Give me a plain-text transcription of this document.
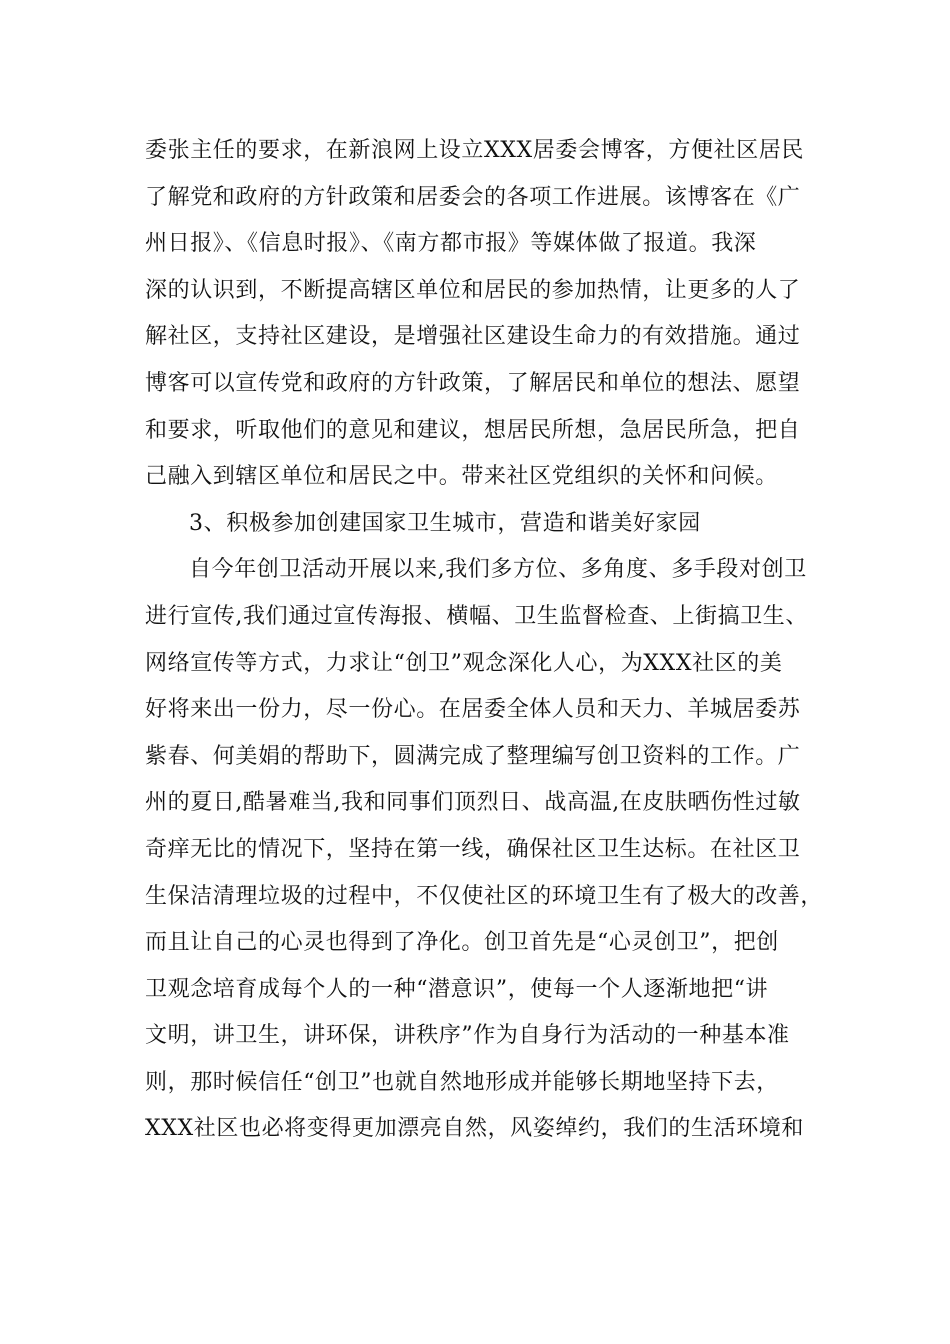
委张主任的要求，在新浪网上设立XXX居委会博客，方便社区居民
了解党和政府的方针政策和居委会的各项工作进展。该博客在《广
州日报》、《信息时报》、《南方都市报》等媒体做了报道。我深
深的认识到，不断提高辖区单位和居民的参加热情，让更多的人了
解社区，支持社区建设，是增强社区建设生命力的有效措施。通过
博客可以宣传党和政府的方针政策，了解居民和单位的想法、愿望
和要求，听取他们的意见和建议，想居民所想，急居民所急，把自
己融入到辖区单位和居民之中。带来社区党组织的关怀和问候。
3、积极参加创建国家卫生城市，营造和谐美好家园
自今年创卫活动开展以来,我们多方位、多角度、多手段对创卫
进行宣传,我们通过宣传海报、横幅、卫生监督检查、上街搞卫生、
网络宣传等方式，力求让“创卫”观念深化人心，为XXX社区的美
好将来出一份力，尽一份心。在居委全体人员和天力、羊城居委苏
紫春、何美娟的帮助下，圆满完成了整理编写创卫资料的工作。广
州的夏日,酷暑难当,我和同事们顶烈日、战高温,在皮肤晒伤性过敏
奇痒无比的情况下，坚持在第一线，确保社区卫生达标。在社区卫
生保洁清理垃圾的过程中，不仅使社区的环境卫生有了极大的改善，
而且让自己的心灵也得到了净化。创卫首先是“心灵创卫”，把创
卫观念培育成每个人的一种“潜意识”，使每一个人逐渐地把“讲
文明，讲卫生，讲环保，讲秩序”作为自身行为活动的一种基本准
则，那时候信任“创卫”也就自然地形成并能够长期地坚持下去，
XXX社区也必将变得更加漂亮自然，风姿绰约，我们的生活环境和
